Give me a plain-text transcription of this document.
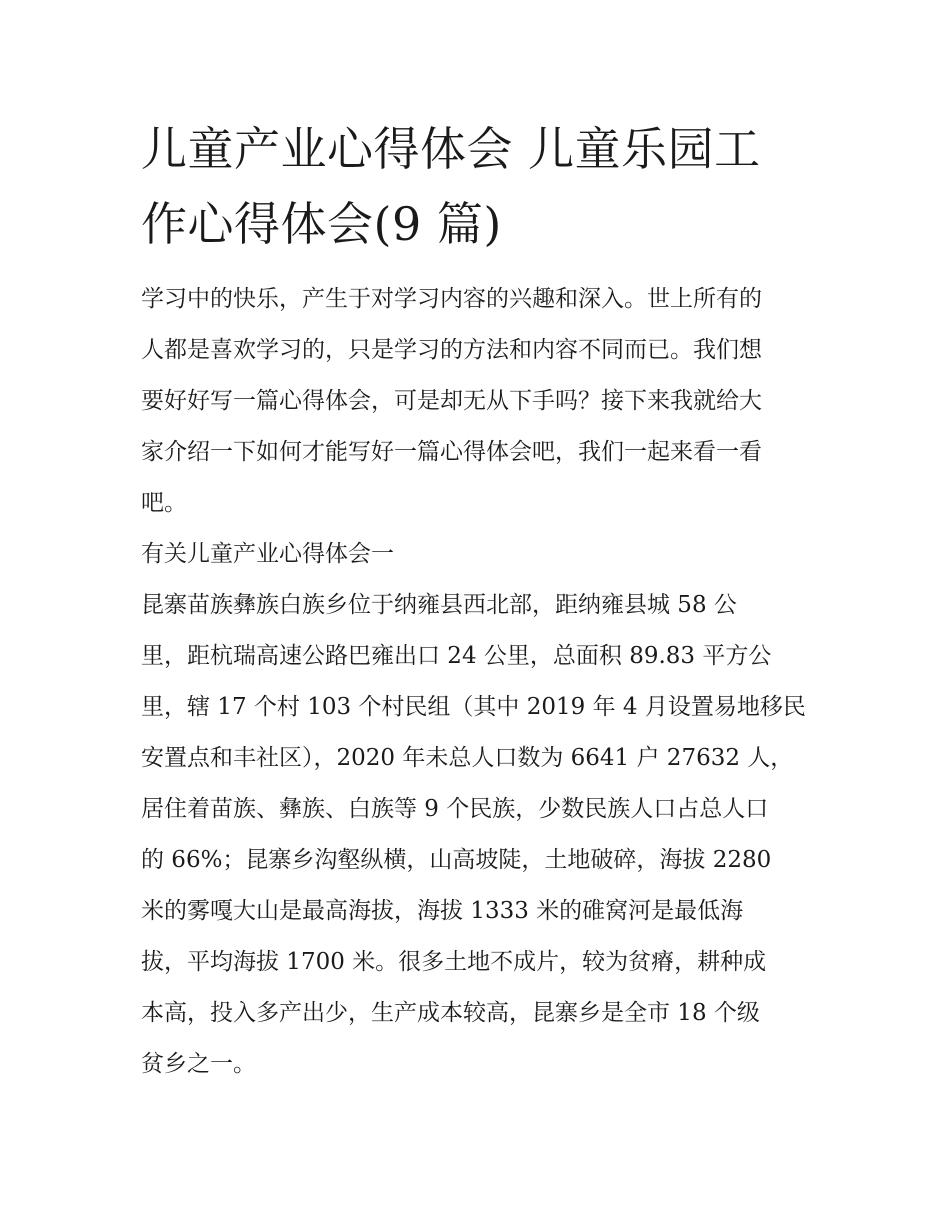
儿童产业心得体会 儿童乐园工
作心得体会(9 篇)

学习中的快乐，产生于对学习内容的兴趣和深入。世上所有的
人都是喜欢学习的，只是学习的方法和内容不同而已。我们想
要好好写一篇心得体会，可是却无从下手吗？接下来我就给大
家介绍一下如何才能写好一篇心得体会吧，我们一起来看一看
吧。

有关儿童产业心得体会一

昆寨苗族彝族白族乡位于纳雍县西北部，距纳雍县城 58 公
里，距杭瑞高速公路巴雍出口 24 公里，总面积 89.83 平方公
里，辖 17 个村 103 个村民组（其中 2019 年 4 月设置易地移民
安置点和丰社区），2020 年未总人口数为 6641 户 27632 人，
居住着苗族、彝族、白族等 9 个民族，少数民族人口占总人口
的 66%；昆寨乡沟壑纵横，山高坡陡，土地破碎，海拔 2280
米的雾嘎大山是最高海拔，海拔 1333 米的碓窝河是最低海
拔，平均海拔 1700 米。很多土地不成片，较为贫瘠，耕种成
本高，投入多产出少，生产成本较高，昆寨乡是全市 18 个级
贫乡之一。
